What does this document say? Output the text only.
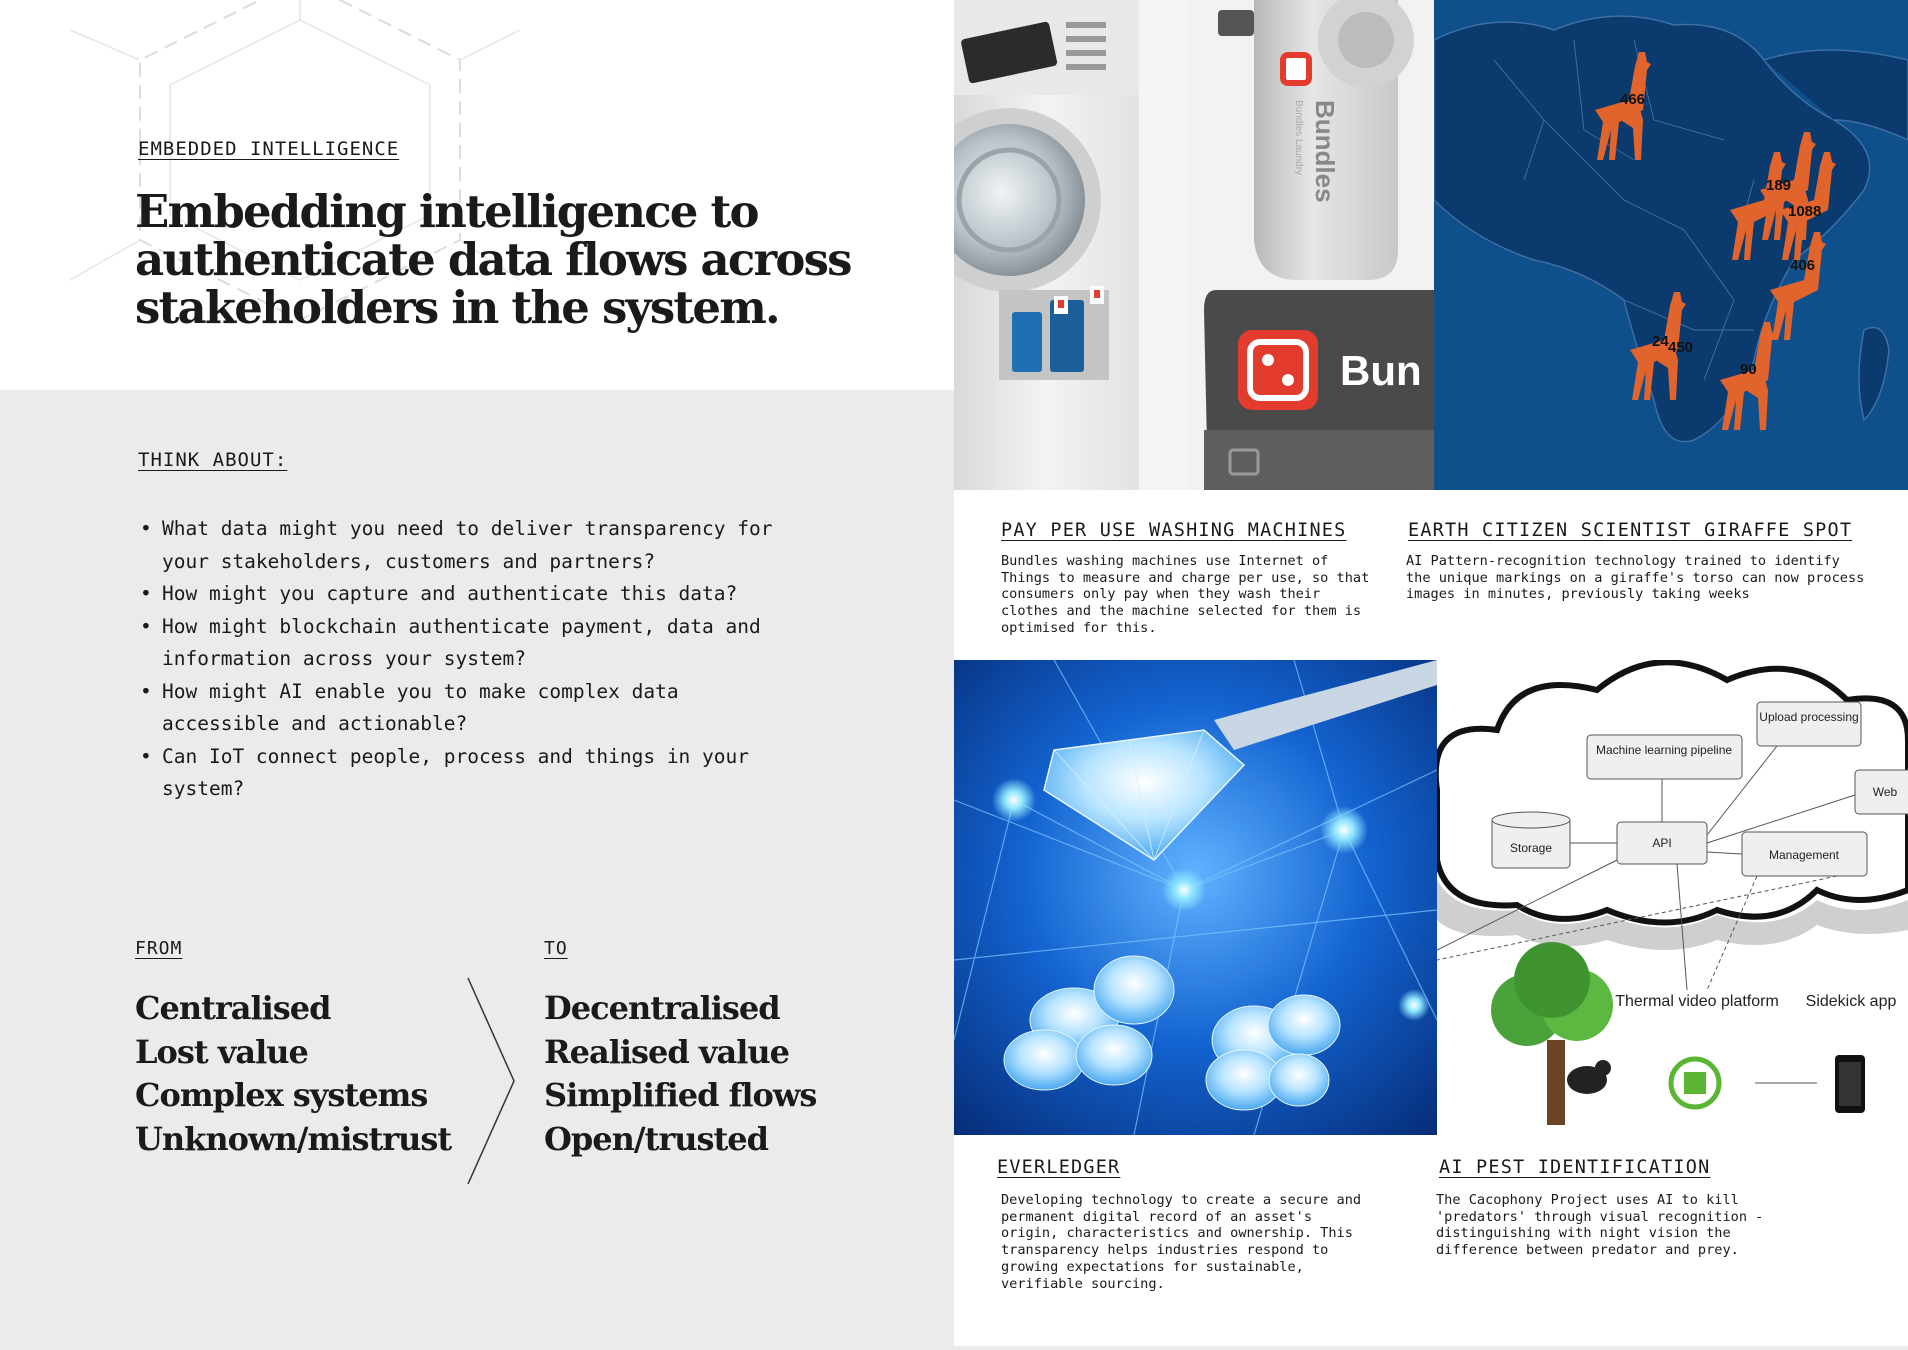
EMBEDDED INTELLIGENCE
Embedding intelligence to
authenticate data flows across
stakeholders in the system.
THINK ABOUT:
• What data might you need to deliver transparency for your stakeholders, customers and partners?
• How might you capture and authenticate this data?
• How might blockchain authenticate payment, data and information across your system?
• How might AI enable you to make complex data accessible and actionable?
• Can IoT connect people, process and things in your system?
FROM	TO
Centralised
Lost value
Complex systems
Unknown/mistrust
Decentralised
Realised value
Simplified flows
Open/trusted
Bundles
Bundles Laundry
Bun
466
189
1088
406
24 450
90
PAY PER USE WASHING MACHINES
Bundles washing machines use Internet of Things to measure and charge per use, so that consumers only pay when they wash their clothes and the machine selected for them is optimised for this.
EARTH CITIZEN SCIENTIST GIRAFFE SPOT
AI Pattern-recognition technology trained to identify the unique markings on a giraffe's torso can now process images in minutes, previously taking weeks
Machine learning pipeline
Upload processing
Web
Storage	API
Management
Thermal video platform Sidekick app
EVERLEDGER
Developing technology to create a secure and permanent digital record of an asset's origin, characteristics and ownership. This transparency helps industries respond to growing expectations for sustainable, verifiable sourcing.
AI PEST IDENTIFICATION
The Cacophony Project uses AI to kill 'predators' through visual recognition -distinguishing with night vision the difference between predator and prey.
